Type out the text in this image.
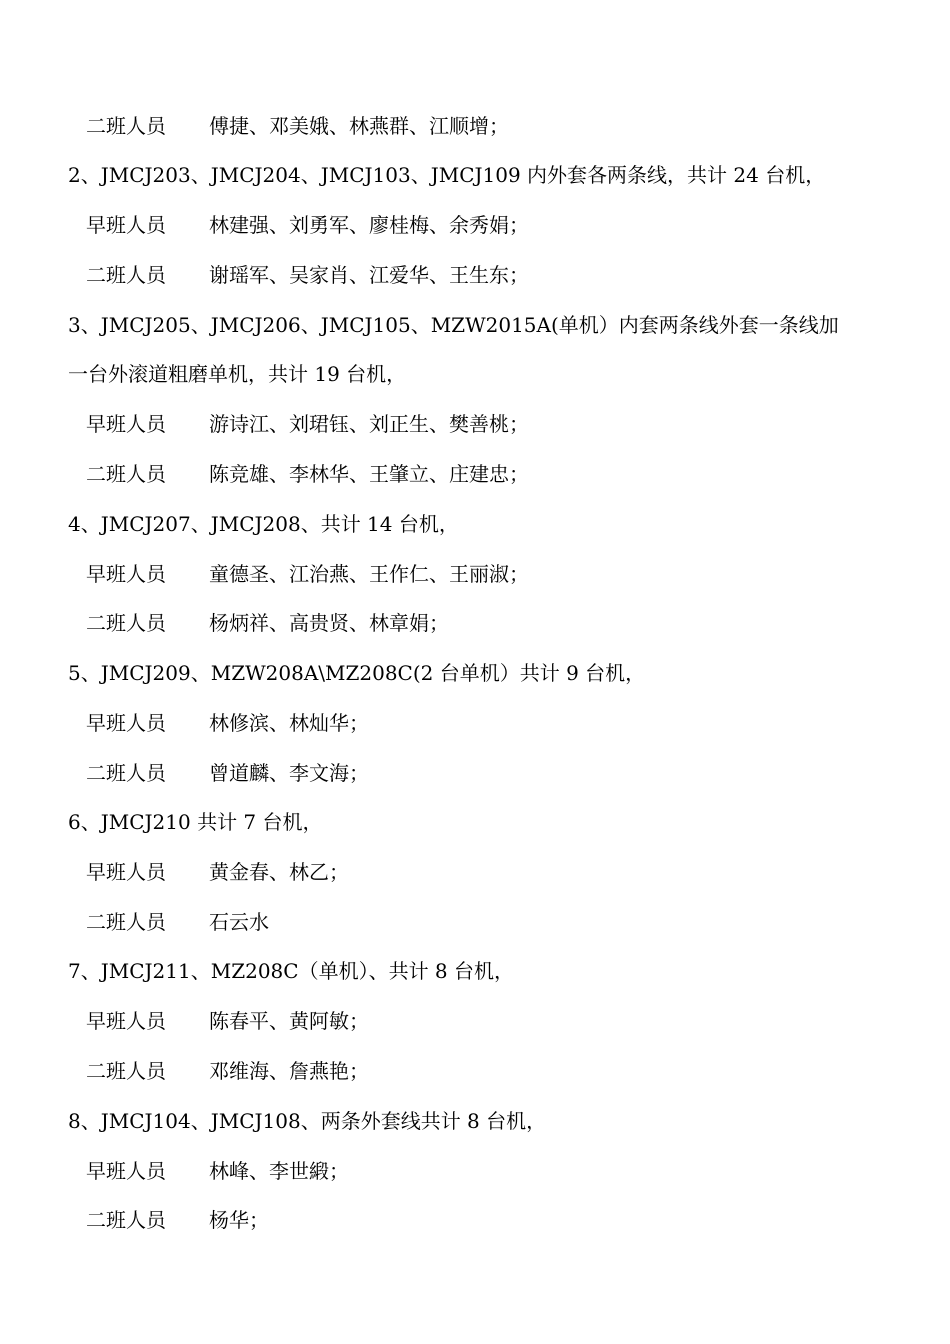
二班人员 傅捷、邓美娥、林燕群、江顺增；
2、JMCJ203、JMCJ204、JMCJ103、JMCJ109 内外套各两条线，共计 24 台机，
早班人员 林建强、刘勇军、廖桂梅、余秀娟；
二班人员 谢瑶军、吴家肖、江爱华、王生东；
3、JMCJ205、JMCJ206、JMCJ105、MZW2015A(单机）内套两条线外套一条线加
一台外滚道粗磨单机，共计 19 台机，
早班人员 游诗江、刘珺钰、刘正生、樊善桃；
二班人员 陈竞雄、李林华、王肇立、庄建忠；
4、JMCJ207、JMCJ208、共计 14 台机，
早班人员 童德圣、江治燕、王作仁、王丽淑；
二班人员 杨炳祥、高贵贤、林章娟；
5、JMCJ209、MZW208A\MZ208C(2 台单机）共计 9 台机，
早班人员 林修滨、林灿华；
二班人员 曾道麟、李文海；
6、JMCJ210 共计 7 台机，
早班人员 黄金春、林乙；
二班人员 石云水
7、JMCJ211、MZ208C（单机）、共计 8 台机，
早班人员 陈春平、黄阿敏；
二班人员 邓维海、詹燕艳；
8、JMCJ104、JMCJ108、两条外套线共计 8 台机，
早班人员 林峰、李世緞；
二班人员 杨华；
